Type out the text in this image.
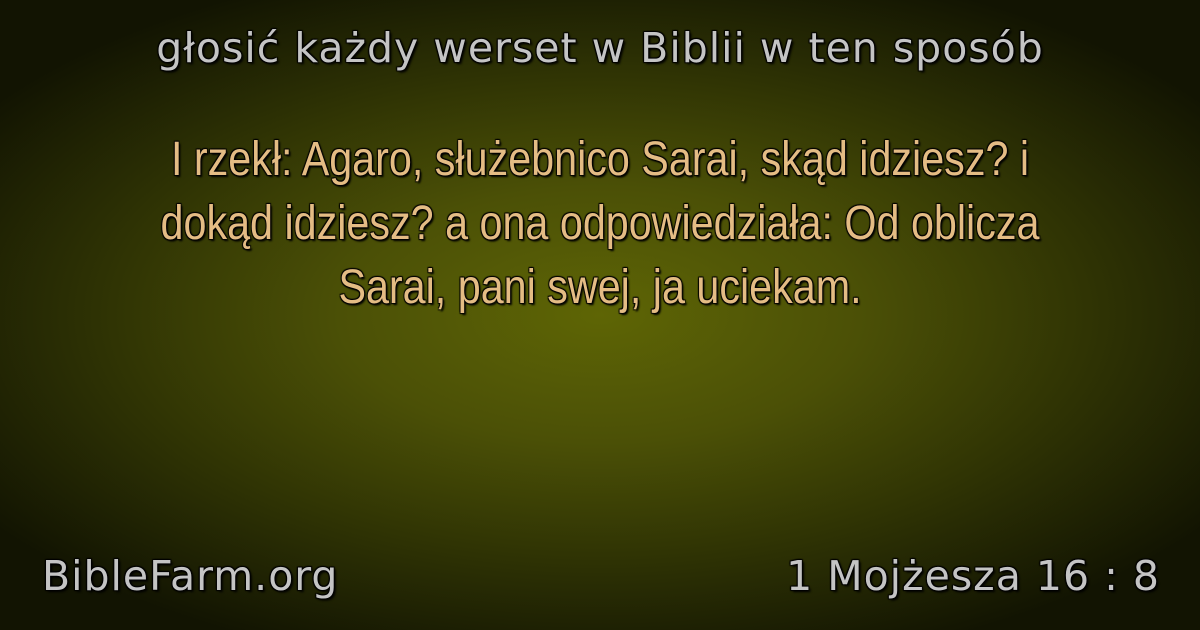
głosić każdy werset w Biblii w ten sposób
I rzekł: Agaro, służebnico Sarai, skąd idziesz? i dokąd idziesz? a ona odpowiedziała: Od oblicza Sarai, pani swej, ja uciekam.
BibleFarm.org	1 Mojżesza 16 : 8
